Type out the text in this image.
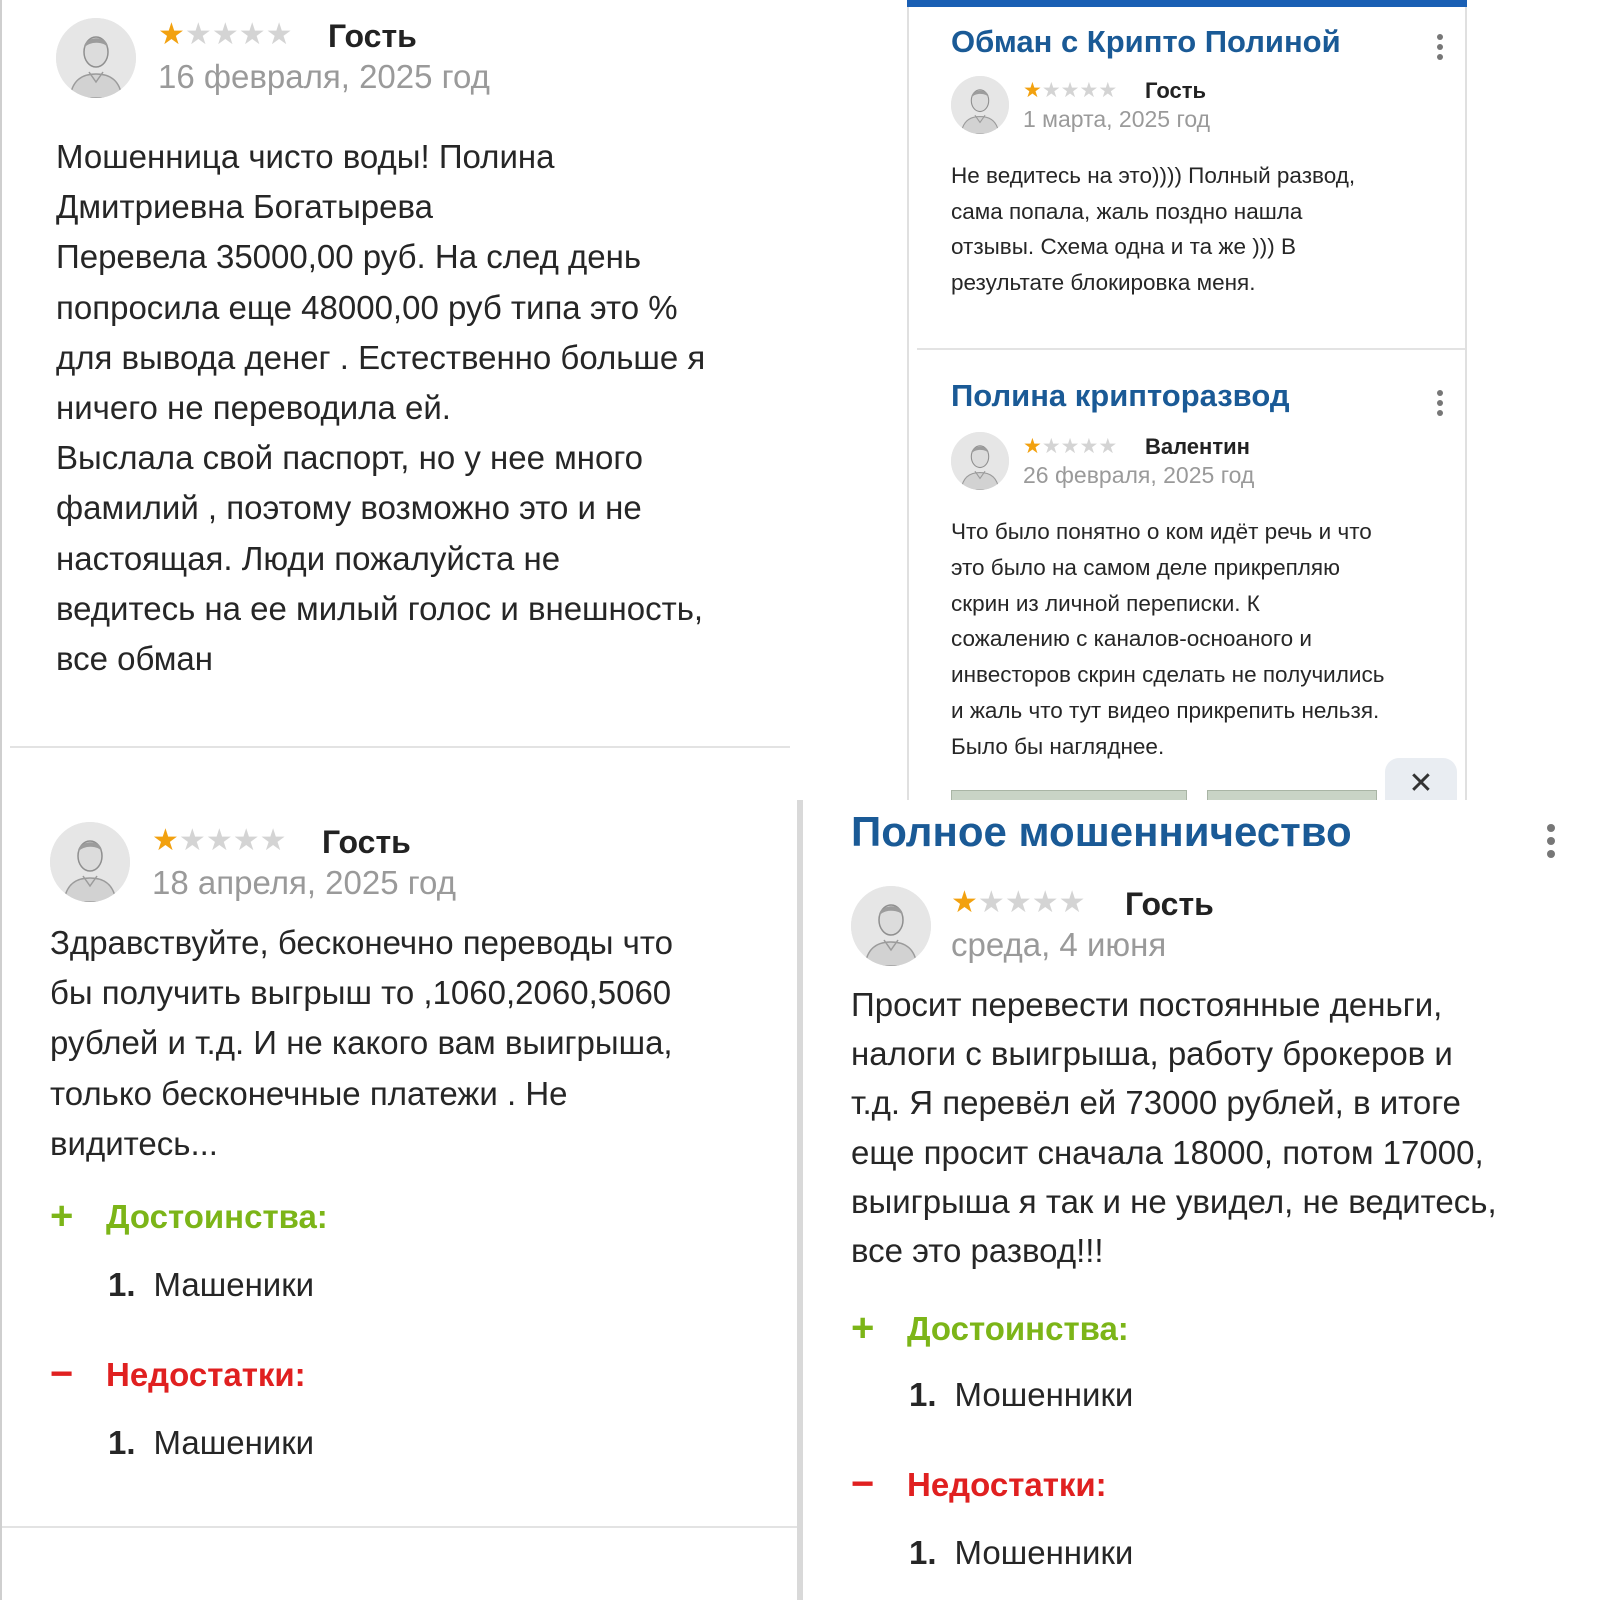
★ ★ ★ ★ ★ Гость
16 февраля, 2025 год
Мошенница чисто воды! Полина
Дмитриевна Богатырева
Перевела 35000,00 руб. На след день
попросила еще 48000,00 руб типа это %
для вывода денег . Естественно больше я
ничего не переводила ей.
Выслала свой паспорт, но у нее много
фамилий , поэтому возможно это и не
настоящая. Люди пожалуйста не
ведитесь на ее милый голос и внешность,
все обман
Обман с Крипто Полиной
★ ★ ★ ★ ★ Гость
1 марта, 2025 год
Не ведитесь на это)))) Полный развод,
сама попала, жаль поздно нашла
отзывы. Схема одна и та же ))) В
результате блокировка меня.
Полина крипторазвод
★ ★ ★ ★ ★ Валентин
26 февраля, 2025 год
Что было понятно о ком идёт речь и что
это было на самом деле прикрепляю
скрин из личной переписки. К
сожалению с каналов-осноаного и
инвесторов скрин сделать не получились
и жаль что тут видео прикрепить нельзя.
Было бы нагляднее.
✕
★ ★ ★ ★ ★ Гость
18 апреля, 2025 год
Здравствуйте, бесконечно переводы что
бы получить выгрыш то ,1060,2060,5060
рублей и т.д. И не какого вам выигрыша,
только бесконечные платежи . Не
видитесь...
+ Достоинства:
1. Машеники
− Недостатки:
1. Машеники
Полное мошенничество
★ ★ ★ ★ ★ Гость
среда, 4 июня
Просит перевести постоянные деньги,
налоги с выигрыша, работу брокеров и
т.д. Я перевёл ей 73000 рублей, в итоге
еще просит сначала 18000, потом 17000,
выигрыша я так и не увидел, не ведитесь,
все это развод!!!
+ Достоинства:
1. Мошенники
− Недостатки:
1. Мошенники
